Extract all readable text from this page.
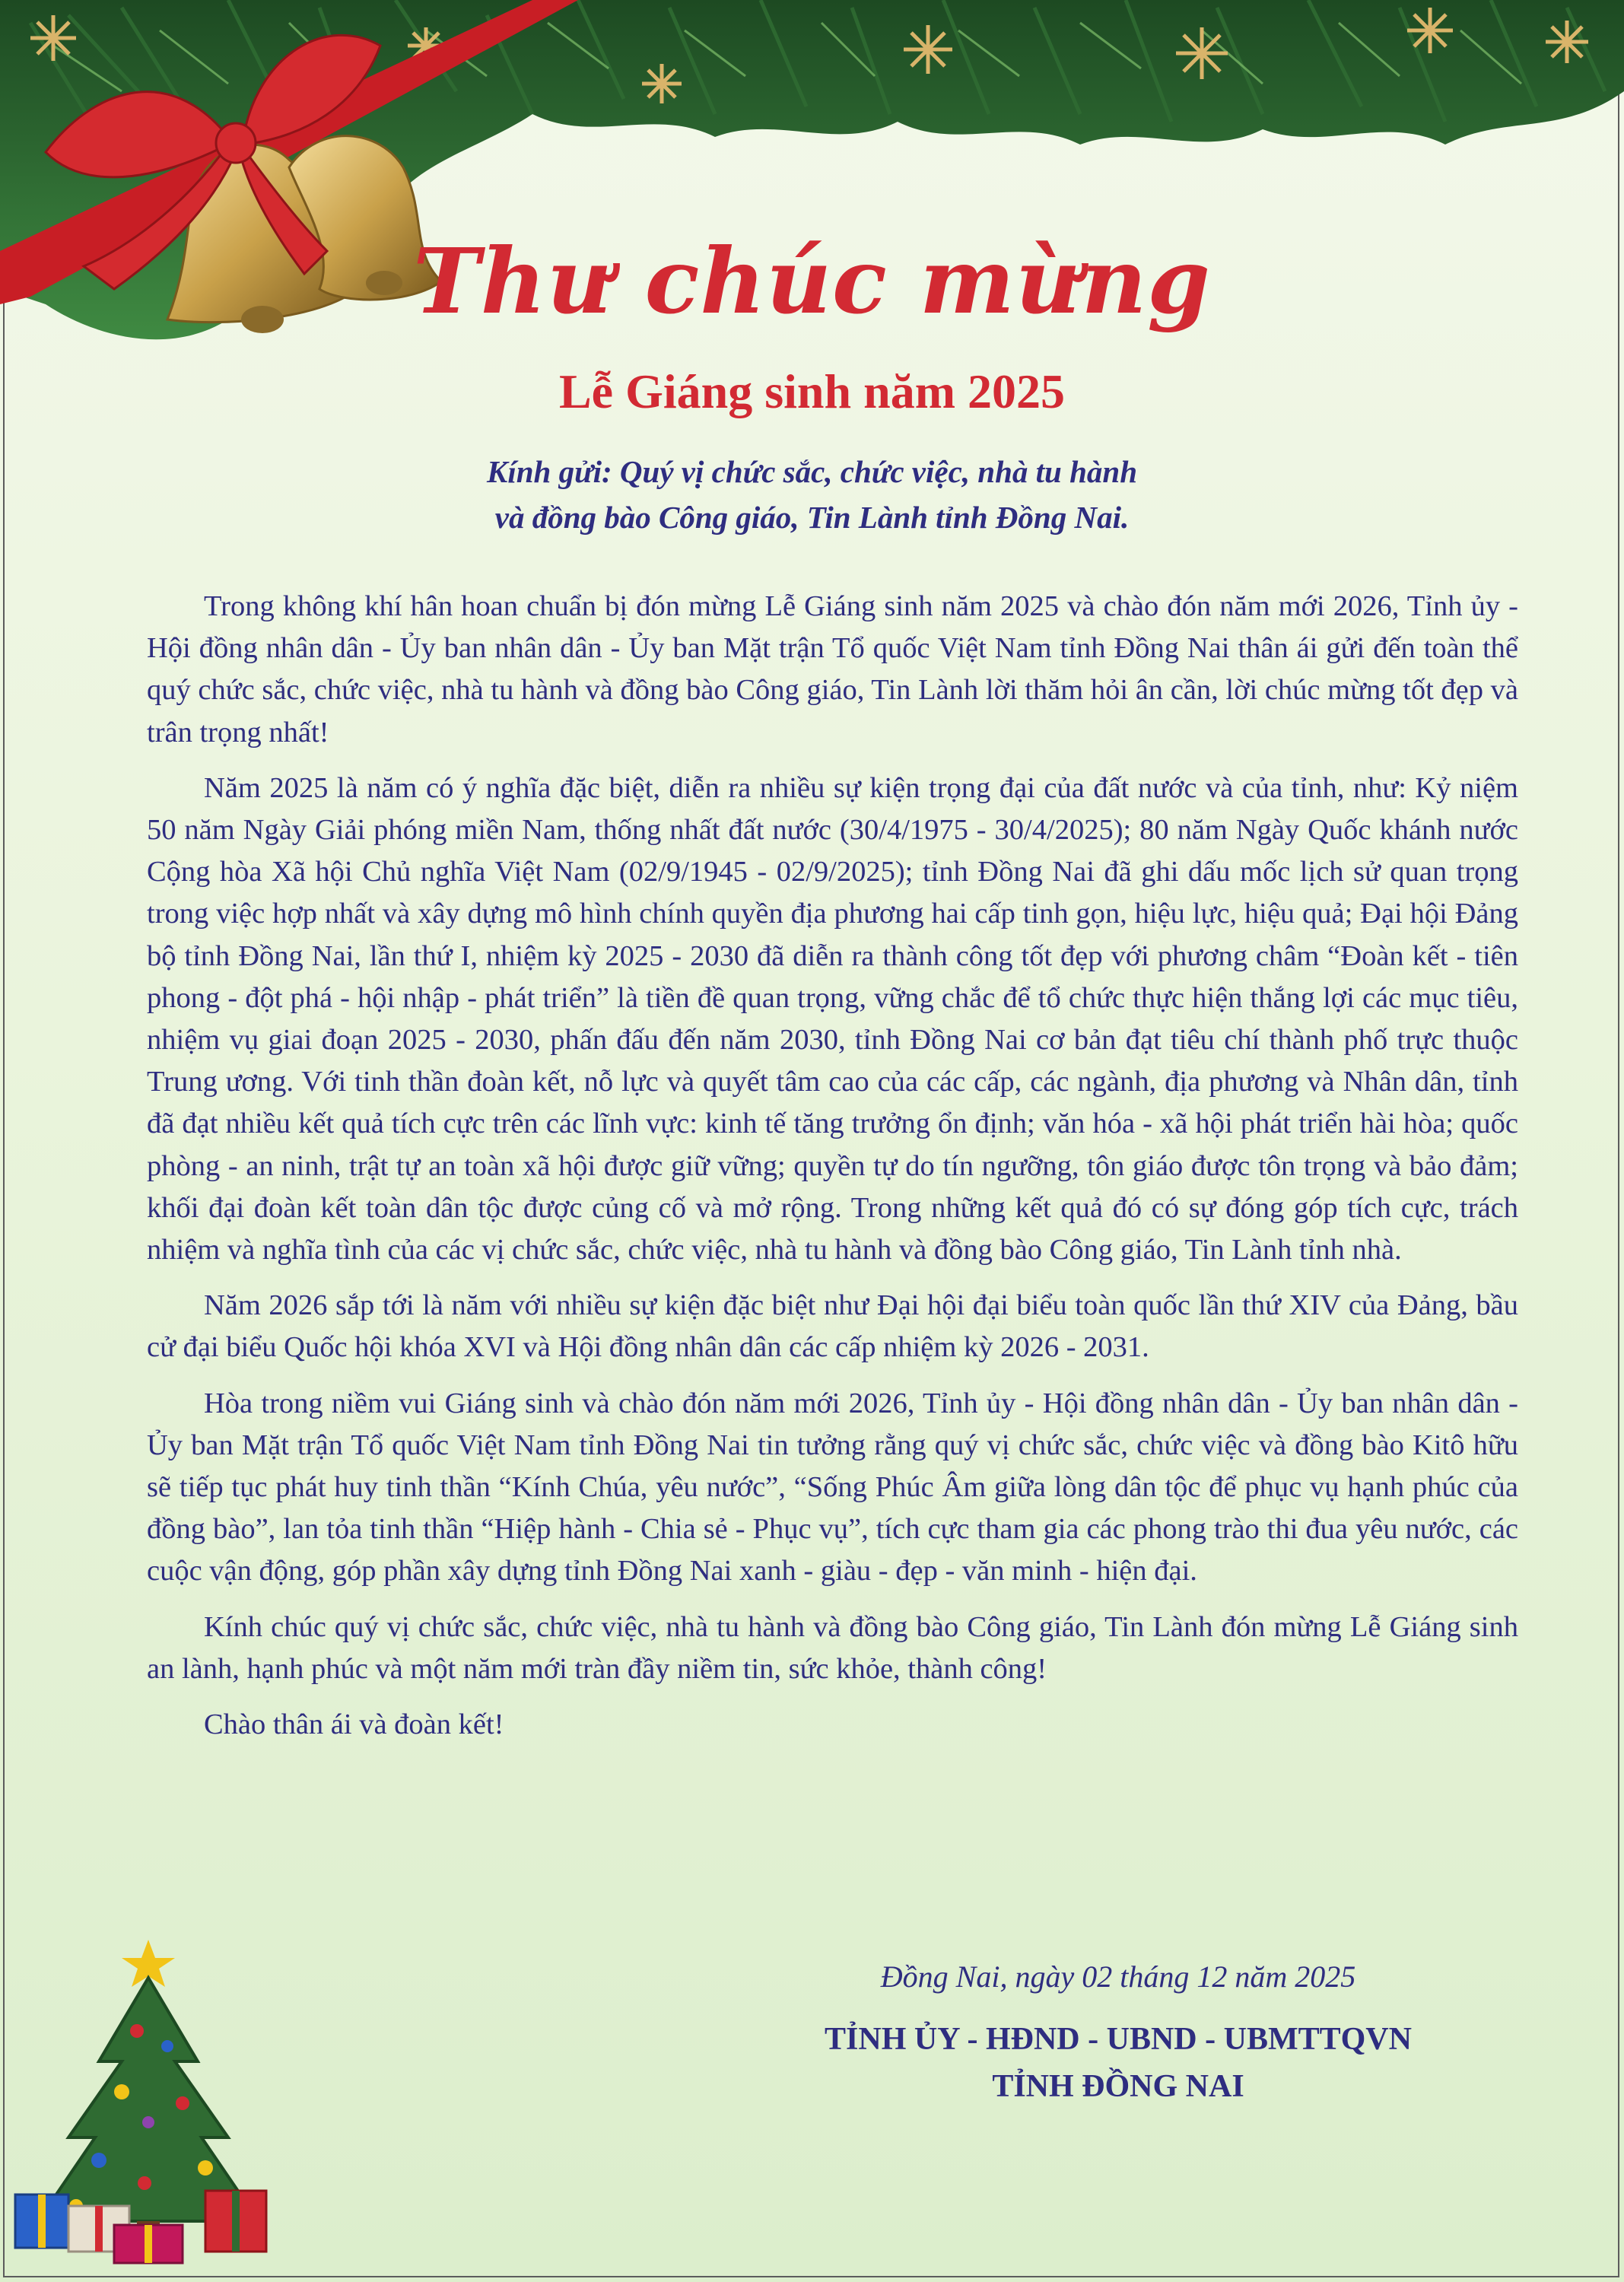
Thư chúc mừng
Lễ Giáng sinh năm 2025
Kính gửi: Quý vị chức sắc, chức việc, nhà tu hành
và đồng bào Công giáo, Tin Lành tỉnh Đồng Nai.

Trong không khí hân hoan chuẩn bị đón mừng Lễ Giáng sinh năm 2025 và chào đón năm mới 2026, Tỉnh ủy - Hội đồng nhân dân - Ủy ban nhân dân - Ủy ban Mặt trận Tổ quốc Việt Nam tỉnh Đồng Nai thân ái gửi đến toàn thể quý chức sắc, chức việc, nhà tu hành và đồng bào Công giáo, Tin Lành lời thăm hỏi ân cần, lời chúc mừng tốt đẹp và trân trọng nhất!

Năm 2025 là năm có ý nghĩa đặc biệt, diễn ra nhiều sự kiện trọng đại của đất nước và của tỉnh, như: Kỷ niệm 50 năm Ngày Giải phóng miền Nam, thống nhất đất nước (30/4/1975 - 30/4/2025); 80 năm Ngày Quốc khánh nước Cộng hòa Xã hội Chủ nghĩa Việt Nam (02/9/1945 - 02/9/2025); tỉnh Đồng Nai đã ghi dấu mốc lịch sử quan trọng trong việc hợp nhất và xây dựng mô hình chính quyền địa phương hai cấp tinh gọn, hiệu lực, hiệu quả; Đại hội Đảng bộ tỉnh Đồng Nai, lần thứ I, nhiệm kỳ 2025 - 2030 đã diễn ra thành công tốt đẹp với phương châm “Đoàn kết - tiên phong - đột phá - hội nhập - phát triển” là tiền đề quan trọng, vững chắc để tổ chức thực hiện thắng lợi các mục tiêu, nhiệm vụ giai đoạn 2025 - 2030, phấn đấu đến năm 2030, tỉnh Đồng Nai cơ bản đạt tiêu chí thành phố trực thuộc Trung ương. Với tinh thần đoàn kết, nỗ lực và quyết tâm cao của các cấp, các ngành, địa phương và Nhân dân, tỉnh đã đạt nhiều kết quả tích cực trên các lĩnh vực: kinh tế tăng trưởng ổn định; văn hóa - xã hội phát triển hài hòa; quốc phòng - an ninh, trật tự an toàn xã hội được giữ vững; quyền tự do tín ngưỡng, tôn giáo được tôn trọng và bảo đảm; khối đại đoàn kết toàn dân tộc được củng cố và mở rộng. Trong những kết quả đó có sự đóng góp tích cực, trách nhiệm và nghĩa tình của các vị chức sắc, chức việc, nhà tu hành và đồng bào Công giáo, Tin Lành tỉnh nhà.

Năm 2026 sắp tới là năm với nhiều sự kiện đặc biệt như Đại hội đại biểu toàn quốc lần thứ XIV của Đảng, bầu cử đại biểu Quốc hội khóa XVI và Hội đồng nhân dân các cấp nhiệm kỳ 2026 - 2031.

Hòa trong niềm vui Giáng sinh và chào đón năm mới 2026, Tỉnh ủy - Hội đồng nhân dân - Ủy ban nhân dân - Ủy ban Mặt trận Tổ quốc Việt Nam tỉnh Đồng Nai tin tưởng rằng quý vị chức sắc, chức việc và đồng bào Kitô hữu sẽ tiếp tục phát huy tinh thần “Kính Chúa, yêu nước”, “Sống Phúc Âm giữa lòng dân tộc để phục vụ hạnh phúc của đồng bào”, lan tỏa tinh thần “Hiệp hành - Chia sẻ - Phục vụ”, tích cực tham gia các phong trào thi đua yêu nước, các cuộc vận động, góp phần xây dựng tỉnh Đồng Nai xanh - giàu - đẹp - văn minh - hiện đại.

Kính chúc quý vị chức sắc, chức việc, nhà tu hành và đồng bào Công giáo, Tin Lành đón mừng Lễ Giáng sinh an lành, hạnh phúc và một năm mới tràn đầy niềm tin, sức khỏe, thành công!

Chào thân ái và đoàn kết!

Đồng Nai, ngày 02 tháng 12 năm 2025
TỈNH ỦY - HĐND - UBND - UBMTTQVN
TỈNH ĐỒNG NAI
